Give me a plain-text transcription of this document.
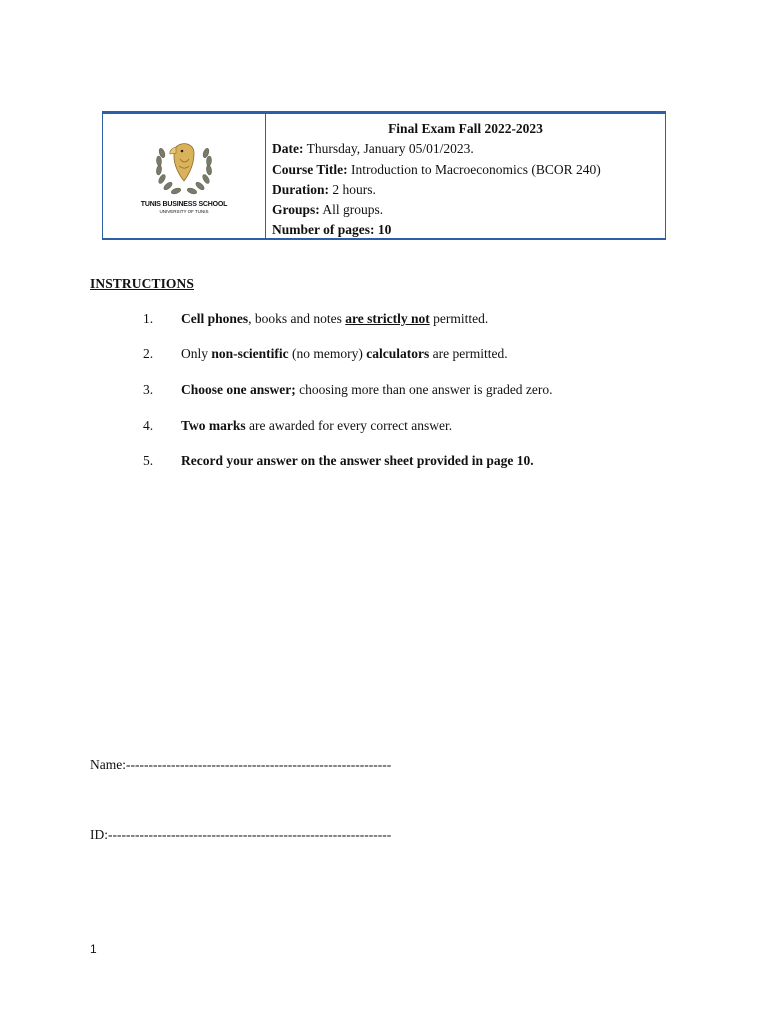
TUNIS BUSINESS SCHOOL
UNIVERSITY OF TUNIS
Final Exam Fall 2022-2023
Date: Thursday, January 05/01/2023.
Course Title: Introduction to Macroeconomics (BCOR 240)
Duration: 2 hours.
Groups: All groups.
Number of pages: 10
INSTRUCTIONS
1. Cell phones, books and notes are strictly not permitted.
2. Only non-scientific (no memory) calculators are permitted.
3. Choose one answer; choosing more than one answer is graded zero.
4. Two marks are awarded for every correct answer.
5. Record your answer on the answer sheet provided in page 10.
Name:-----------------------------------------------------------
ID:---------------------------------------------------------------
1
